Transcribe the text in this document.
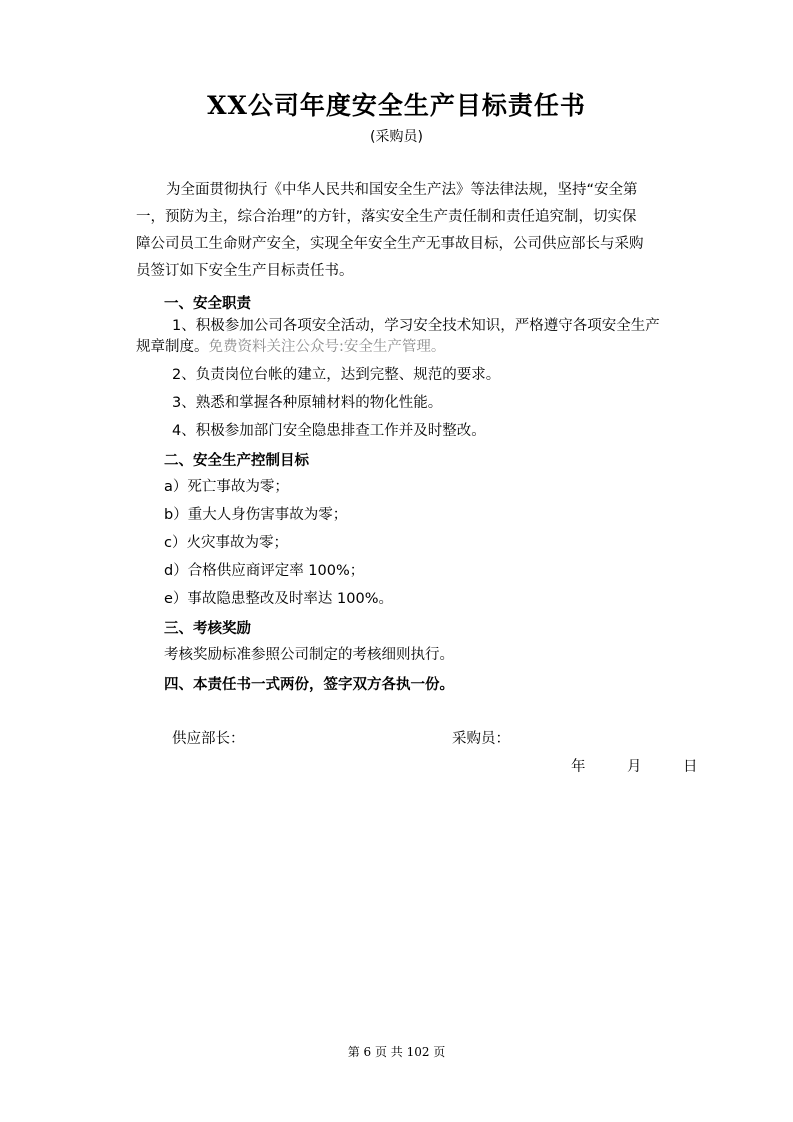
XX公司年度安全生产目标责任书
(采购员)
为全面贯彻执行《中华人民共和国安全生产法》等法律法规，坚持“安全第
一，预防为主，综合治理”的方针，落实安全生产责任制和责任追究制，切实保
障公司员工生命财产安全，实现全年安全生产无事故目标，公司供应部长与采购
员签订如下安全生产目标责任书。
一、安全职责
1、积极参加公司各项安全活动，学习安全技术知识，严格遵守各项安全生产
规章制度。免费资料关注公众号:安全生产管理。
2、负责岗位台帐的建立，达到完整、规范的要求。
3、熟悉和掌握各种原辅材料的物化性能。
4、积极参加部门安全隐患排查工作并及时整改。
二、安全生产控制目标
a）死亡事故为零；
b）重大人身伤害事故为零；
c）火灾事故为零；
d）合格供应商评定率 100%；
e）事故隐患整改及时率达 100%。
三、考核奖励
考核奖励标准参照公司制定的考核细则执行。
四、本责任书一式两份，签字双方各执一份。
供应部长：	采购员：
年	月	日
第 6 页 共 102 页
